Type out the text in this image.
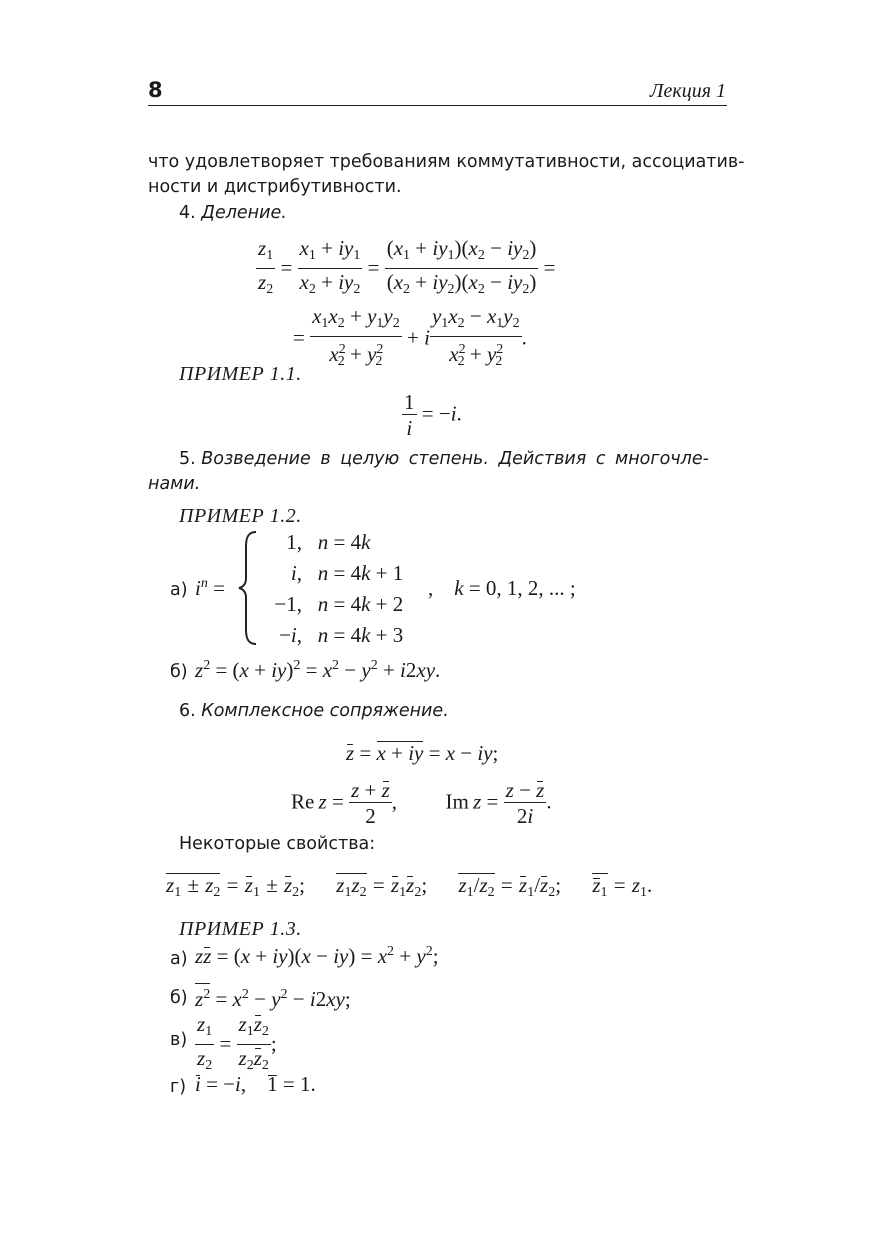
8	Лекция 1
что удовлетворяет требованиям коммутативности, ассоциатив-
ности и дистрибутивности.
4. Деление.
$\frac{z_1}{z_2} = \frac{x_1 + iy_1}{x_2 + iy_2} = \frac{(x_1 + iy_1)(x_2 - iy_2)}{(x_2 + iy_2)(x_2 - iy_2)}$ =
= $\frac{x_1x_2 + y_1y_2}{x^2_2 + y^2_2} + i \frac{y_1x_2 - x_1y_2}{x^2_2 + y^2_2}$ .
ПРИМЕР 1.1.
$\frac{1}{i} = -i$.
5. Возведение в целую степень. Действия с многочле-
нами.
ПРИМЕР 1.2.
а) $i^n$ =
1, n = 4k
i, n = 4k + 1
−1, n = 4k + 2
−i, n = 4k + 3
,    k = 0, 1, 2, ... ;
б) $z^2 = (x + iy)^2 = x^2 - y^2 + i2xy$.
6. Комплексное сопряжение.
z = x + iy = x − iy;
Re  $z = \frac{z + z}{2}$ ,  Im  $z = \frac{z - z}{2i}$ .
Некоторые свойства:
$z_1 \pm z_2 = z_1 \pm z_2$;     $z_1z_2 = z_1z_2$;     $z_1/z_2 = z_1/z_2$;     $z_1 = z_1$.
ПРИМЕР 1.3.
а) zz = $(x + iy)(x - iy) = x^2 + y^2$;
б) $z^2 = x^2 - y^2 - i2xy$;
$в) \frac{z_1}{z_2} = \frac{z_1z_2}{z_2z_2}$ ;
г) i = −i,    1 = 1.
